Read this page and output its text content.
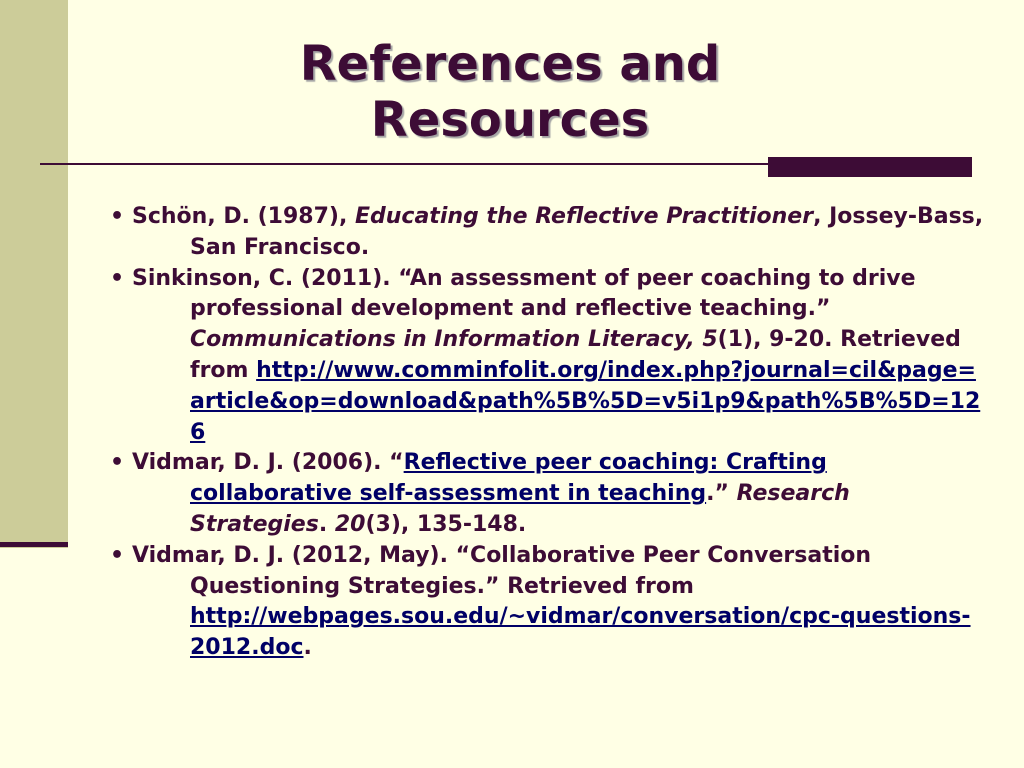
References and
Resources
• Schön, D. (1987), Educating the Reflective Practitioner, Jossey-Bass, San Francisco.
• Sinkinson, C. (2011). “An assessment of peer coaching to drive professional development and reflective teaching.” Communications in Information Literacy, 5(1), 9-20. Retrieved from http://www.comminfolit.org/index.php?journal=cil&page=article&op=download&path%5B%5D=v5i1p9&path%5B%5D=126
• Vidmar, D. J. (2006). “Reflective peer coaching: Crafting collaborative self-assessment in teaching.” Research Strategies. 20(3), 135-148.
• Vidmar, D. J. (2012, May). “Collaborative Peer Conversation Questioning Strategies.” Retrieved from http://webpages.sou.edu/~vidmar/conversation/cpc-questions-2012.doc.
